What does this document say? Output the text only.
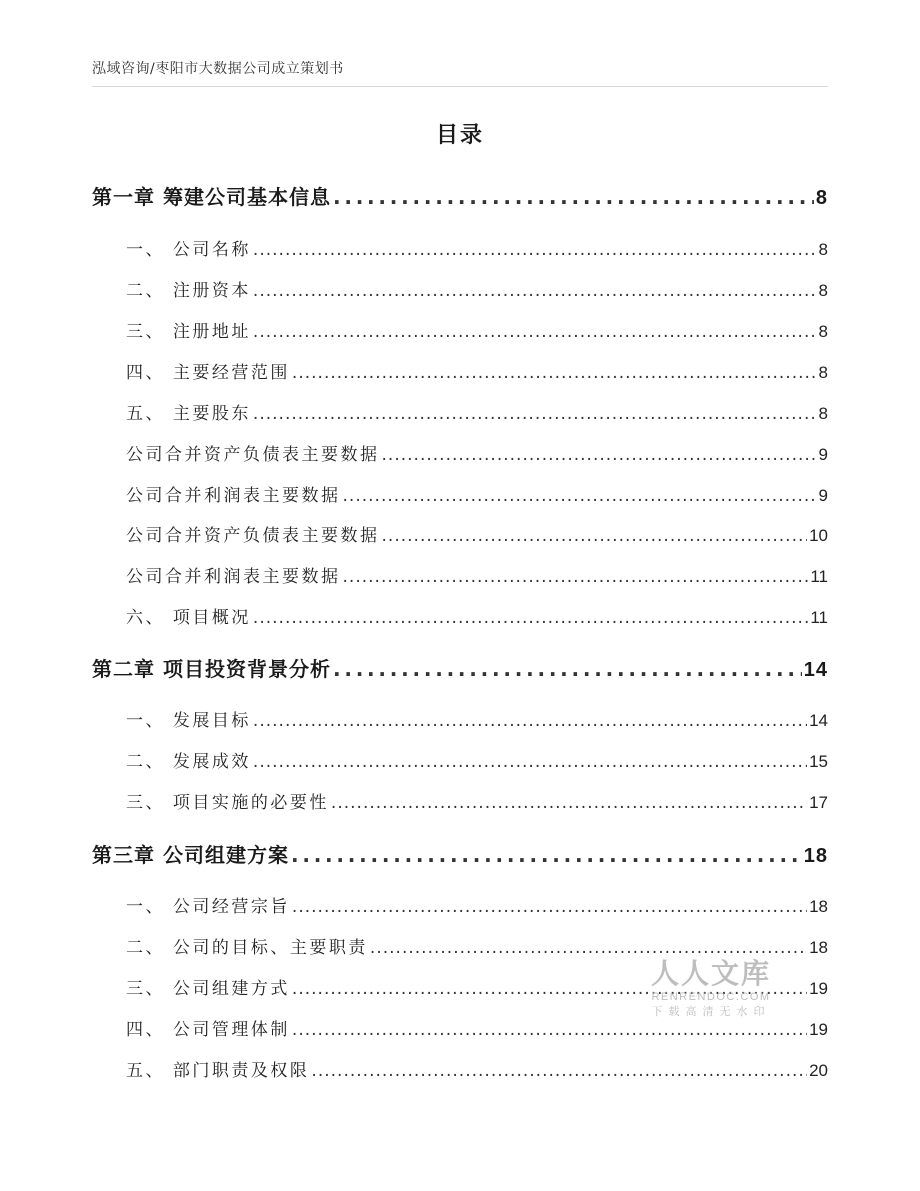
泓域咨询/枣阳市大数据公司成立策划书
目录
第一章 筹建公司基本信息 . . .	8
一、 公司名称 . . .	8
二、 注册资本 . . .	8
三、 注册地址 . . .	8
四、 主要经营范围 . . .	8
五、 主要股东 . . .	8
公司合并资产负债表主要数据 . . .	9
公司合并利润表主要数据 . . .	9
公司合并资产负债表主要数据 . . .	10
公司合并利润表主要数据 . . .	11
六、 项目概况 . . .	11
第二章 项目投资背景分析 . . .	14
一、 发展目标 . . .	14
二、 发展成效 . . .	15
三、 项目实施的必要性 . . .	17
第三章 公司组建方案 . . .	18
一、 公司经营宗旨 . . .	18
二、 公司的目标、主要职责 . . .	18
三、 公司组建方式 . . .	19
四、 公司管理体制 . . .	19
五、 部门职责及权限 . . .	20
人人文库
RENRENDOC.COM
下载高清无水印
